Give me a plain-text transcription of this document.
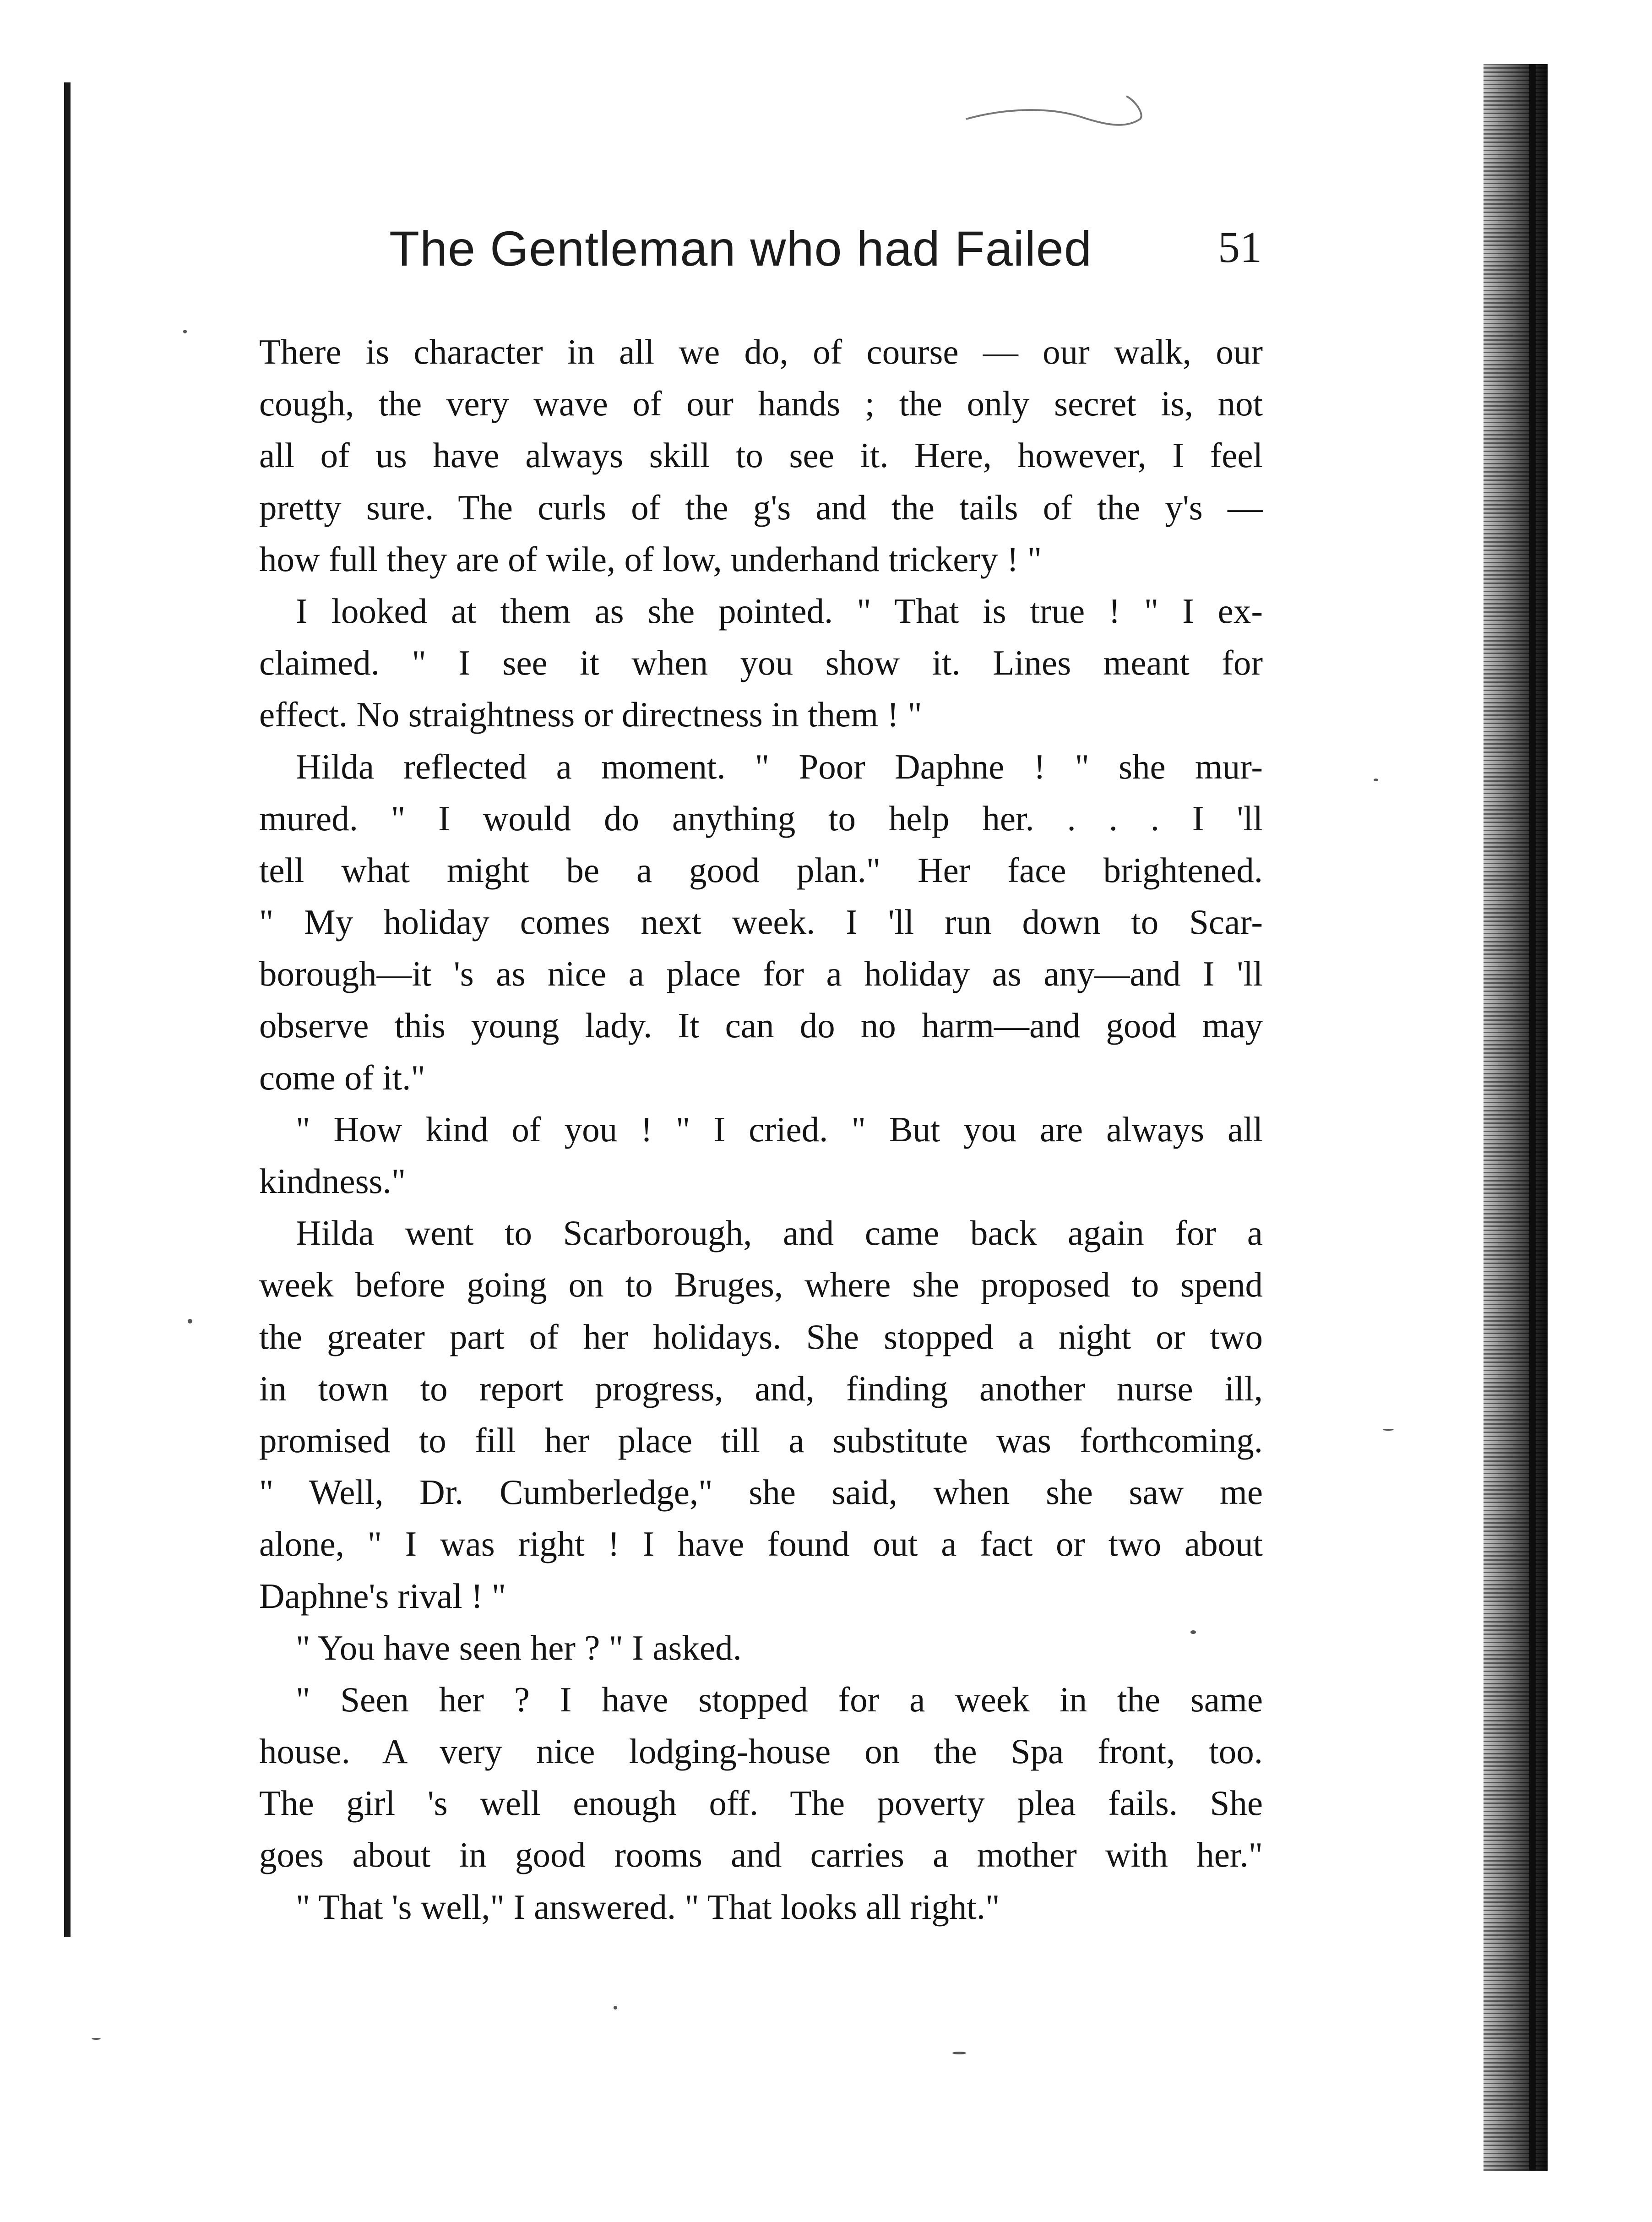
The Gentleman who had Failed	51
There is character in all we do, of course — our walk, our
cough, the very wave of our hands ; the only secret is, not
all of us have always skill to see it. Here, however, I feel
pretty sure. The curls of the g's and the tails of the y's —
how full they are of wile, of low, underhand trickery ! "
I looked at them as she pointed. " That is true ! " I ex-
claimed. " I see it when you show it. Lines meant for
effect. No straightness or directness in them ! "
Hilda reflected a moment. " Poor Daphne ! " she mur-
mured. " I would do anything to help her. . . . I 'll
tell what might be a good plan." Her face brightened.
" My holiday comes next week. I 'll run down to Scar-
borough—it 's as nice a place for a holiday as any—and I 'll
observe this young lady. It can do no harm—and good may
come of it."
" How kind of you ! " I cried. " But you are always all
kindness."
Hilda went to Scarborough, and came back again for a
week before going on to Bruges, where she proposed to spend
the greater part of her holidays. She stopped a night or two
in town to report progress, and, finding another nurse ill,
promised to fill her place till a substitute was forthcoming.
" Well, Dr. Cumberledge," she said, when she saw me
alone, " I was right ! I have found out a fact or two about
Daphne's rival ! "
" You have seen her ? " I asked.
" Seen her ? I have stopped for a week in the same
house. A very nice lodging-house on the Spa front, too.
The girl 's well enough off. The poverty plea fails. She
goes about in good rooms and carries a mother with her."
" That 's well," I answered. " That looks all right."
